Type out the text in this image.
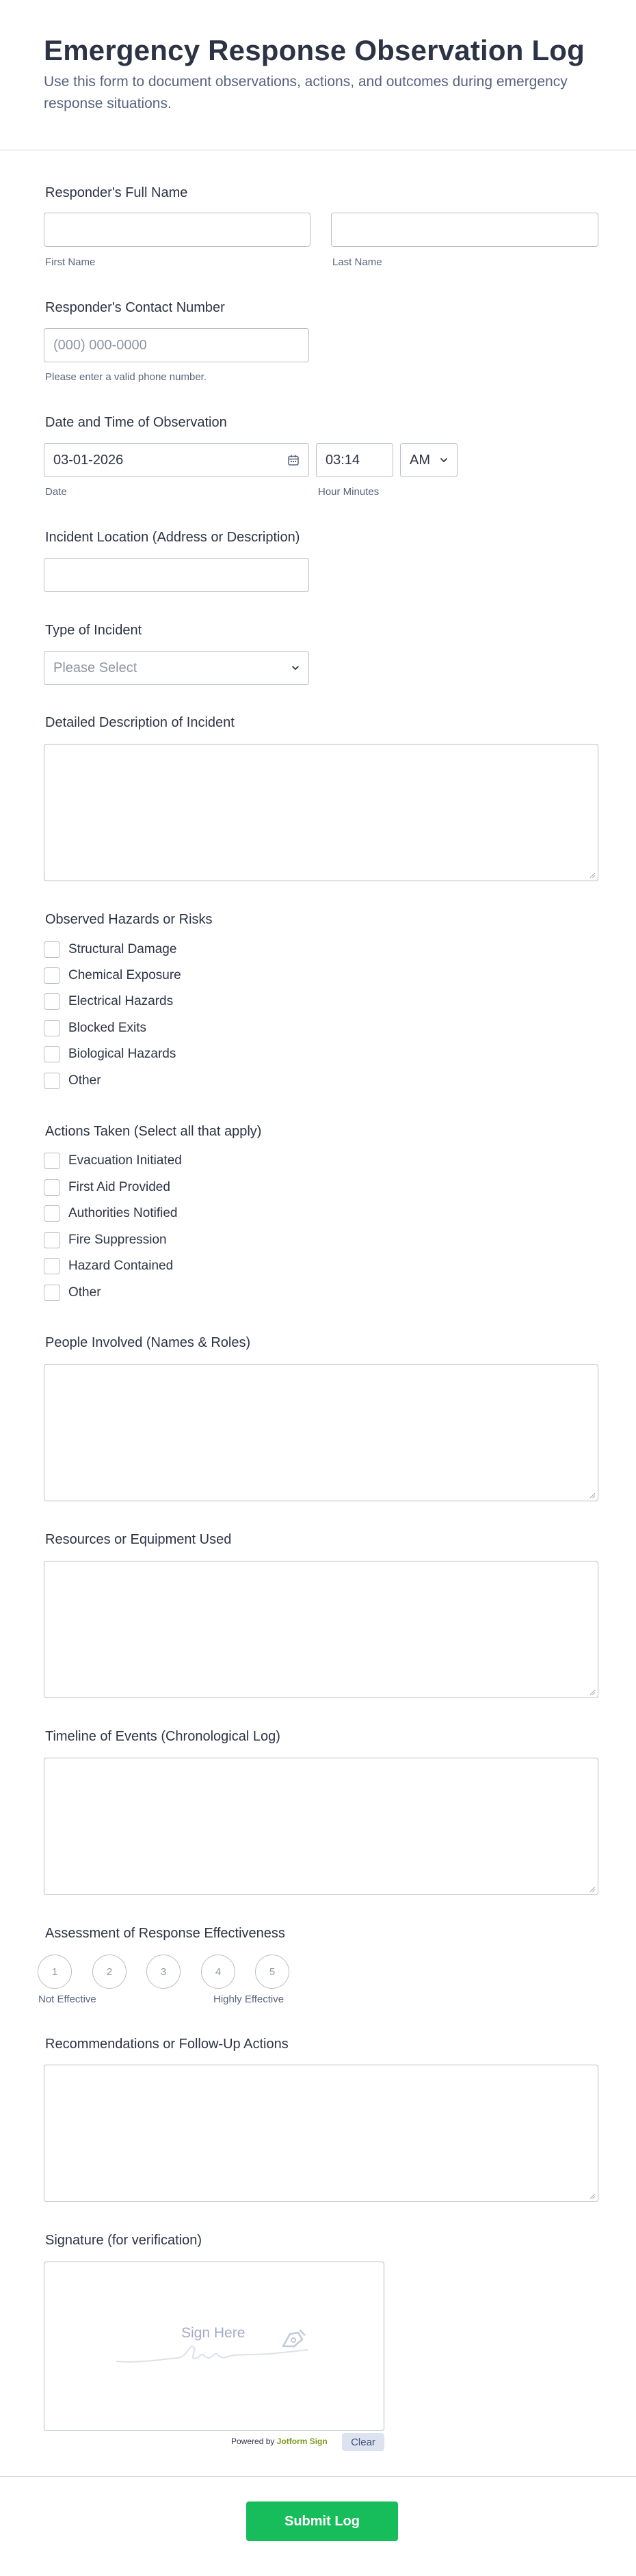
Emergency Response Observation Log

Use this form to document observations, actions, and outcomes during emergency response situations.

Responder's Full Name
First Name	Last Name
Responder's Contact Number
(000) 000-0000
Please enter a valid phone number.
Date and Time of Observation
03-01-2026
Date
03:14
Hour Minutes
AM
Incident Location (Address or Description)
Type of Incident
Please Select
Detailed Description of Incident
Observed Hazards or Risks
Structural Damage
Chemical Exposure
Electrical Hazards
Blocked Exits
Biological Hazards
Other
Actions Taken (Select all that apply)
Evacuation Initiated
First Aid Provided
Authorities Notified
Fire Suppression
Hazard Contained
Other
People Involved (Names & Roles)
Resources or Equipment Used
Timeline of Events (Chronological Log)
Assessment of Response Effectiveness
1	2	3	4	5
Not Effective	Highly Effective
Recommendations or Follow-Up Actions
Signature (for verification)
Sign Here
Powered by Jotform Sign	Clear
Submit Log
